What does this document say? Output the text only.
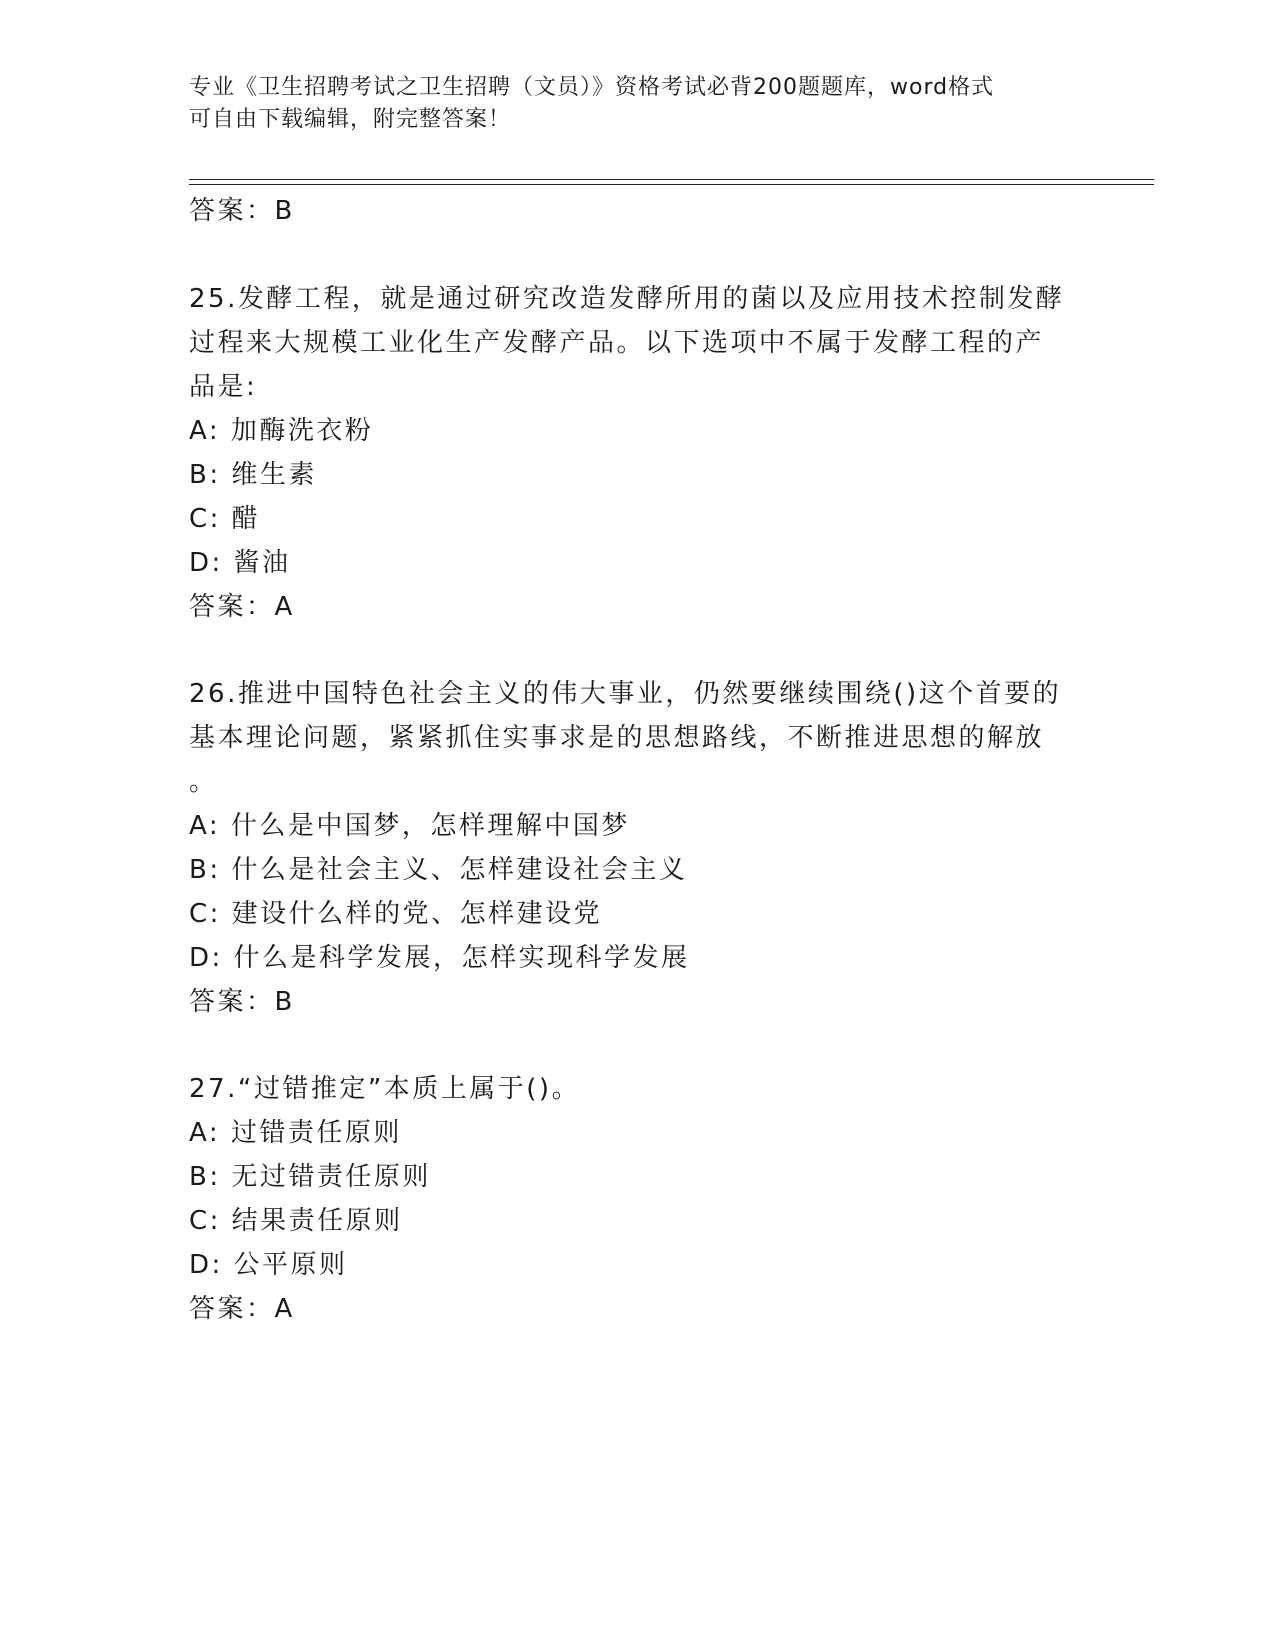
专业《卫生招聘考试之卫生招聘（文员）》资格考试必背200题题库，word格式
可自由下载编辑，附完整答案！
答案：B
25.发酵工程，就是通过研究改造发酵所用的菌以及应用技术控制发酵
过程来大规模工业化生产发酵产品。以下选项中不属于发酵工程的产
品是:
A: 加酶洗衣粉
B: 维生素
C: 醋
D: 酱油
答案：A
26.推进中国特色社会主义的伟大事业，仍然要继续围绕()这个首要的
基本理论问题，紧紧抓住实事求是的思想路线，不断推进思想的解放
。
A: 什么是中国梦，怎样理解中国梦
B: 什么是社会主义、怎样建设社会主义
C: 建设什么样的党、怎样建设党
D: 什么是科学发展，怎样实现科学发展
答案：B
27.“过错推定”本质上属于()。
A: 过错责任原则
B: 无过错责任原则
C: 结果责任原则
D: 公平原则
答案：A
